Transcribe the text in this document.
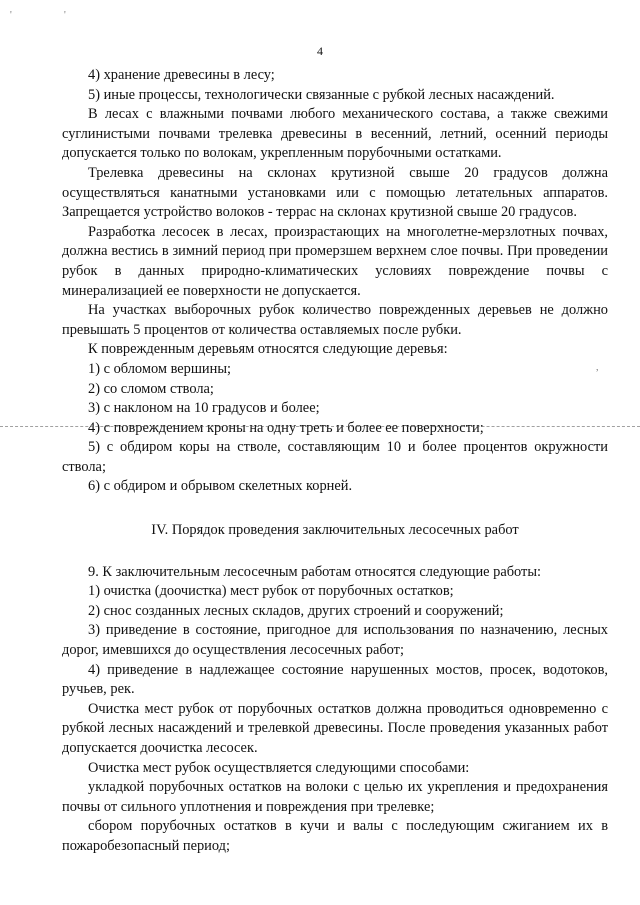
'	'
,
4

4) хранение древесины в лесу;

5) иные процессы, технологически связанные с рубкой лесных насаждений.

В лесах с влажными почвами любого механического состава, а также свежими суглинистыми почвами трелевка древесины в весенний, летний, осенний периоды допускается только по волокам, укрепленным порубочными остатками.

Трелевка древесины на склонах крутизной свыше 20 градусов должна осуществляться канатными установками или с помощью летательных аппаратов. Запрещается устройство волоков - террас на склонах крутизной свыше 20 градусов.

Разработка лесосек в лесах, произрастающих на многолетне-мерзлотных почвах, должна вестись в зимний период при промерзшем верхнем слое почвы. При проведении рубок в данных природно-климатических условиях повреждение почвы с минерализацией ее поверхности не допускается.

На участках выборочных рубок количество поврежденных деревьев не должно превышать 5 процентов от количества оставляемых после рубки.

К поврежденным деревьям относятся следующие деревья:

1) с обломом вершины;

2) со сломом ствола;

3) с наклоном на 10 градусов и более;

4) с повреждением кроны на одну треть и более ее поверхности;

5) с обдиром коры на стволе, составляющим 10 и более процентов окружности ствола;

6) с обдиром и обрывом скелетных корней.

IV. Порядок проведения заключительных лесосечных работ

9. К заключительным лесосечным работам относятся следующие работы:

1) очистка (доочистка) мест рубок от порубочных остатков;

2) снос созданных лесных складов, других строений и сооружений;

3) приведение в состояние, пригодное для использования по назначению, лесных дорог, имевшихся до осуществления лесосечных работ;

4) приведение в надлежащее состояние нарушенных мостов, просек, водотоков, ручьев, рек.

Очистка мест рубок от порубочных остатков должна проводиться одновременно с рубкой лесных насаждений и трелевкой древесины. После проведения указанных работ допускается доочистка лесосек.

Очистка мест рубок осуществляется следующими способами:

укладкой порубочных остатков на волоки с целью их укрепления и предохранения почвы от сильного уплотнения и повреждения при трелевке;

сбором порубочных остатков в кучи и валы с последующим сжиганием их в пожаробезопасный период;
